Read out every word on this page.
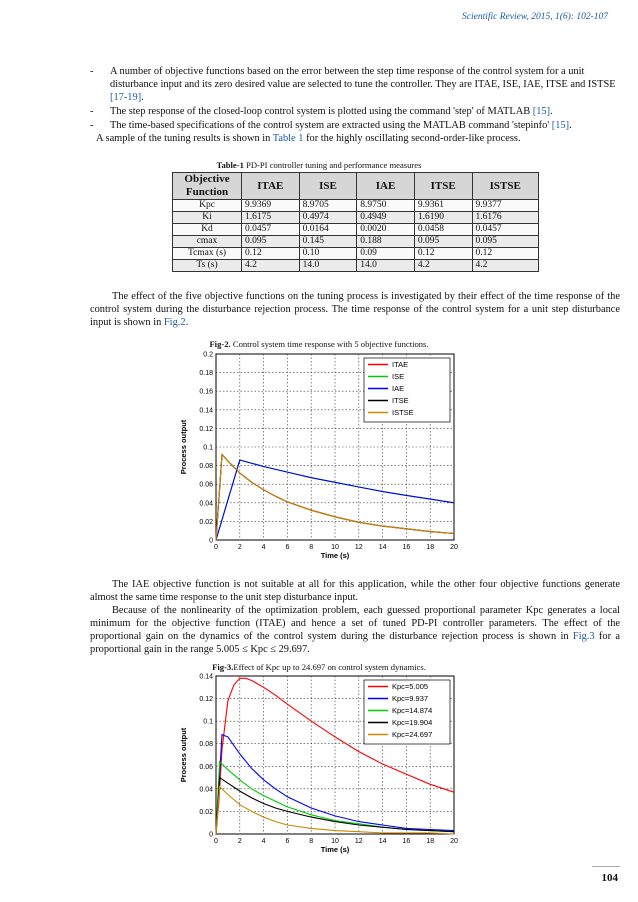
Scientific Review, 2015, 1(6): 102-107
- A number of objective functions based on the error between the step time response of the control system for a unit disturbance input and its zero desired value are selected to tune the controller. They are ITAE, ISE, IAE, ITSE and ISTSE [17-19].
- The step response of the closed-loop control system is plotted using the command 'step' of MATLAB [15].
- The time-based specifications of the control system are extracted using the MATLAB command 'stepinfo' [15].
A sample of the tuning results is shown in Table 1 for the highly oscillating second-order-like process.
Table-1 PD-PI controller tuning and performance measures
Objective Function	ITAE	ISE	IAE	ITSE	ISTSE
Kpc	9.9369	8.9705	8.9750	9.9361	9.9377
Ki	1.6175	0.4974	0.4949	1.6190	1.6176
Kd	0.0457	0.0164	0.0020	0.0458	0.0457
cmax	0.095	0.145	0.188	0.095	0.095
Tcmax (s)	0.12	0.10	0.09	0.12	0.12
Ts (s)	4.2	14.0	14.0	4.2	4.2
The effect of the five objective functions on the tuning process is investigated by their effect of the time response of the control system during the disturbance rejection process. The time response of the control system for a unit step disturbance input is shown in Fig.2.
Fig-2. Control system time response with 5 objective functions.
0	2	4	6	8	10 12 14 16 18 20
0
0.02
0.04
0.06
0.08
0.1
0.12
0.14
0.16
0.18
0.2
Time (s)
Process output
ITAE
ISE
IAE
ITSE
ISTSE
The IAE objective function is not suitable at all for this application, while the other four objective functions generate almost the same time response to the unit step disturbance input.
Because of the nonlinearity of the optimization problem, each guessed proportional parameter Kpc generates a local minimum for the objective function (ITAE) and hence a set of tuned PD-PI controller parameters. The effect of the proportional gain on the dynamics of the control system during the disturbance rejection process is shown in Fig.3 for a proportional gain in the range 5.005 ≤ Kpc ≤ 29.697.
Fig-3.Effect of Kpc up to 24.697 on control system dynamics.
0	2	4	6	8	10 12 14 16 18 20
0
0.02
0.04
0.06
0.08
0.1
0.12
0.14
Time (s)
Process output
Kpc=5.005
Kpc=9.937
Kpc=14.874
Kpc=19.904
Kpc=24.697
104
